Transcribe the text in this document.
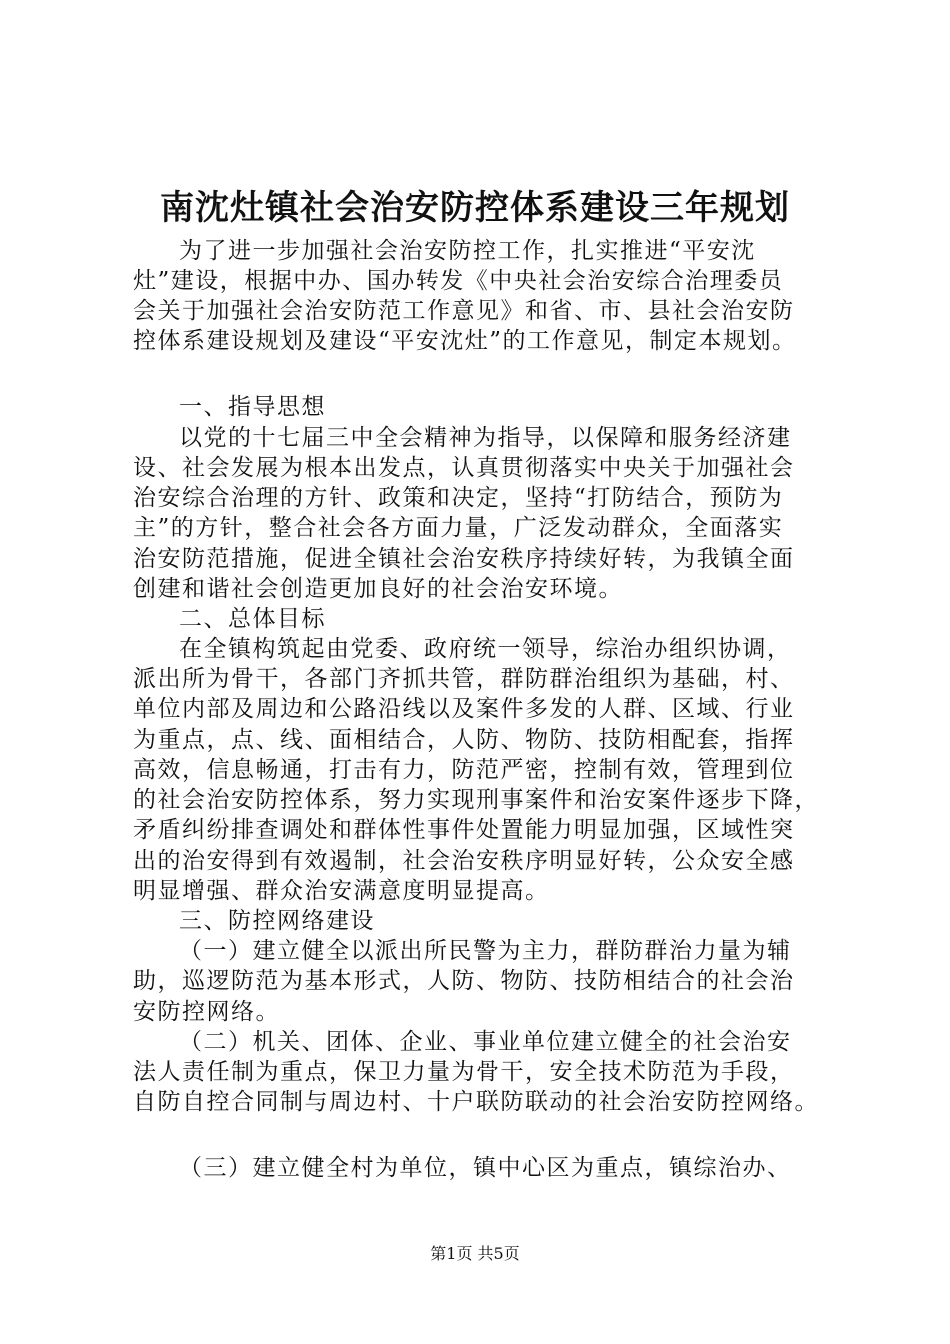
南沈灶镇社会治安防控体系建设三年规划
为了进一步加强社会治安防控工作，扎实推进“平安沈
灶”建设，根据中办、国办转发《中央社会治安综合治理委员
会关于加强社会治安防范工作意见》和省、市、县社会治安防
控体系建设规划及建设“平安沈灶”的工作意见，制定本规划。
一、指导思想
以党的十七届三中全会精神为指导，以保障和服务经济建
设、社会发展为根本出发点，认真贯彻落实中央关于加强社会
治安综合治理的方针、政策和决定，坚持“打防结合，预防为
主”的方针，整合社会各方面力量，广泛发动群众，全面落实
治安防范措施，促进全镇社会治安秩序持续好转，为我镇全面
创建和谐社会创造更加良好的社会治安环境。
二、总体目标
在全镇构筑起由党委、政府统一领导，综治办组织协调，
派出所为骨干，各部门齐抓共管，群防群治组织为基础，村、
单位内部及周边和公路沿线以及案件多发的人群、区域、行业
为重点，点、线、面相结合，人防、物防、技防相配套，指挥
高效，信息畅通，打击有力，防范严密，控制有效，管理到位
的社会治安防控体系，努力实现刑事案件和治安案件逐步下降，
矛盾纠纷排查调处和群体性事件处置能力明显加强，区域性突
出的治安得到有效遏制，社会治安秩序明显好转，公众安全感
明显增强、群众治安满意度明显提高。
三、防控网络建设
（一）建立健全以派出所民警为主力，群防群治力量为辅
助，巡逻防范为基本形式，人防、物防、技防相结合的社会治
安防控网络。
（二）机关、团体、企业、事业单位建立健全的社会治安
法人责任制为重点，保卫力量为骨干，安全技术防范为手段，
自防自控合同制与周边村、十户联防联动的社会治安防控网络。
（三）建立健全村为单位，镇中心区为重点，镇综治办、
第1页 共5页
